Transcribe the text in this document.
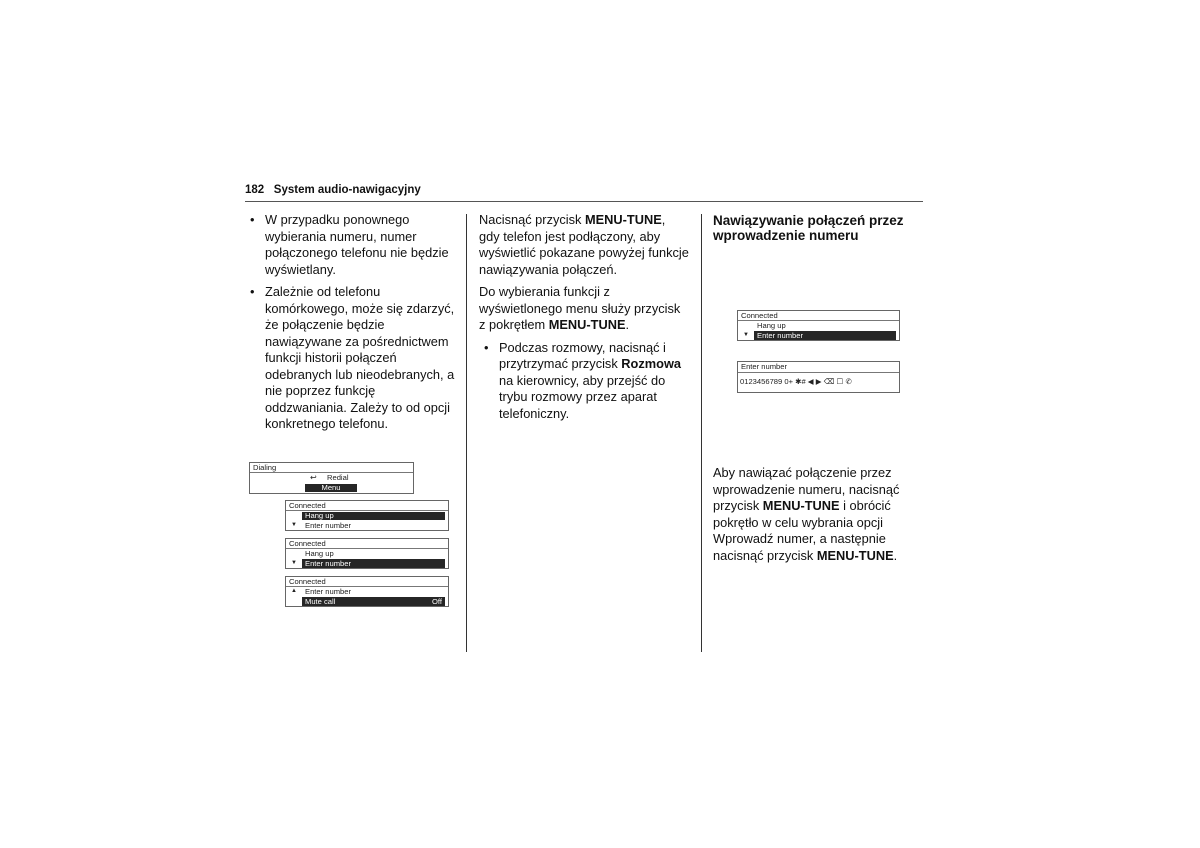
182 System audio-nawigacyjny
• W przypadku ponownego wybierania numeru, numer połączonego telefonu nie będzie wyświetlany.
• Zależnie od telefonu komórkowego, może się zdarzyć, że połączenie będzie nawiązywane za pośrednictwem funkcji historii połączeń odebranych lub nieodebranych, a nie poprzez funkcję oddzwaniania. Zależy to od opcji konkretnego telefonu.
Dialing
↩ Redial
Menu
Connected
Hang up
▼ Enter number
Connected
Hang up
▼ Enter number
Connected
▲ Enter number
Mute call	Off

Nacisnąć przycisk MENU-TUNE, gdy telefon jest podłączony, aby wyświetlić pokazane powyżej funkcje nawiązywania połączeń.

Do wybierania funkcji z wyświetlonego menu służy przycisk z pokrętłem MENU-TUNE.

• Podczas rozmowy, nacisnąć i przytrzymać przycisk Rozmowa na kierownicy, aby przejść do trybu rozmowy przez aparat telefoniczny.
Nawiązywanie połączeń przez wprowadzenie numeru
Connected
Hang up
▼ Enter number
Enter number
0123456789 0+ ✱# ◀ ▶ ⌫ ☐ ✆

Aby nawiązać połączenie przez wprowadzenie numeru, nacisnąć przycisk MENU-TUNE i obrócić pokrętło w celu wybrania opcji Wprowadź numer, a następnie nacisnąć przycisk MENU-TUNE.
